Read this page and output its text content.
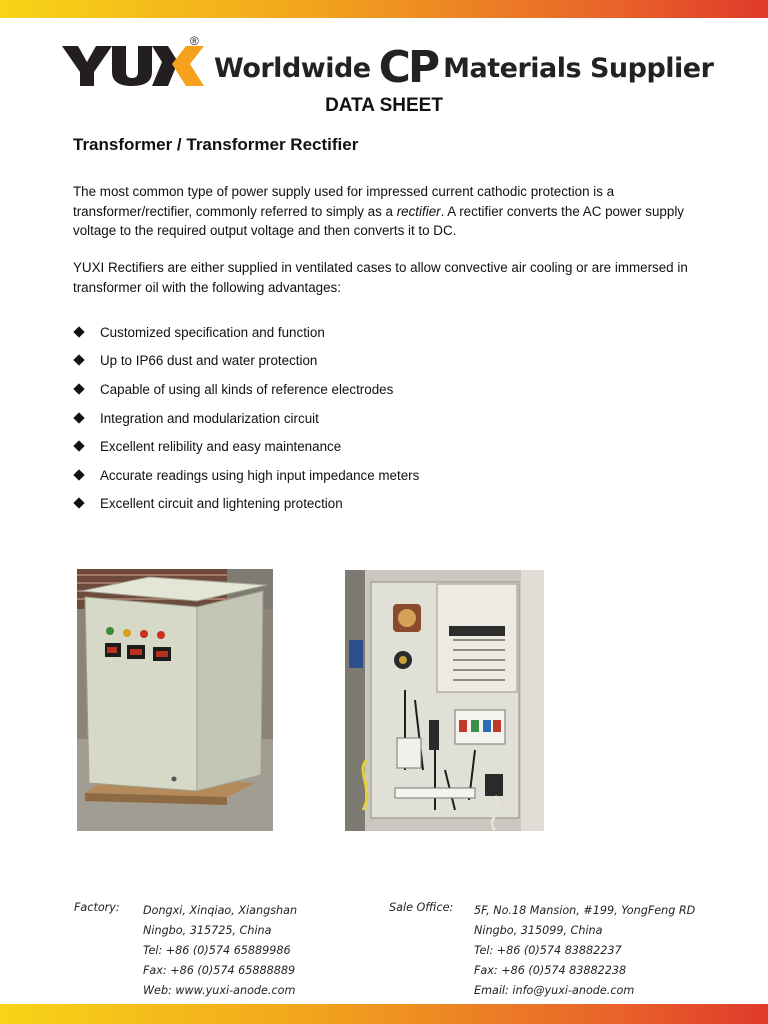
®
Worldwide CP Materials Supplier
DATA SHEET
Transformer / Transformer Rectifier
The most common type of power supply used for impressed current cathodic protection is a transformer/rectifier, commonly referred to simply as a rectifier. A rectifier converts the AC power supply voltage to the required output voltage and then converts it to DC.
YUXI Rectifiers are either supplied in ventilated cases to allow convective air cooling or are immersed in transformer oil with the following advantages:
Customized specification and function
Up to IP66 dust and water protection
Capable of using all kinds of reference electrodes
Integration and modularization circuit
Excellent relibility and easy maintenance
Accurate readings using high input impedance meters
Excellent circuit and lightening protection
Factory: Dongxi, Xinqiao, Xiangshan
Ningbo, 315725, China
Tel: +86 (0)574 65889986
Fax: +86 (0)574 65888889
Web: www.yuxi-anode.com
Sale Office: 5F, No.18 Mansion, #199, YongFeng RD
Ningbo, 315099, China
Tel: +86 (0)574 83882237
Fax: +86 (0)574 83882238
Email: info@yuxi-anode.com
